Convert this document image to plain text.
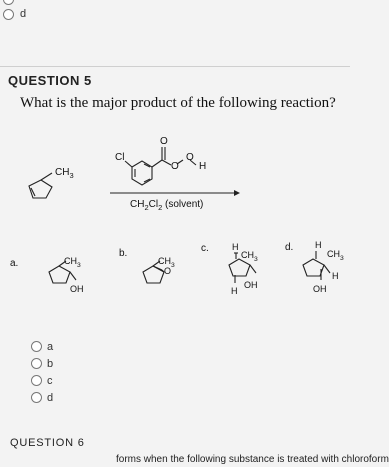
d
QUESTION 5
What is the major product of the following reaction?
$CH_3$
Cl
O
O
O
H
$CH_2Cl_2$ (solvent)
a.	$CH_3$
OH
b.
$CH_3$
O
c.	H
$CH_3$
OH
H
d. H
$CH_3$
H
OH
a
b
c
d
QUESTION 6
forms when the following substance is treated with chloroform
